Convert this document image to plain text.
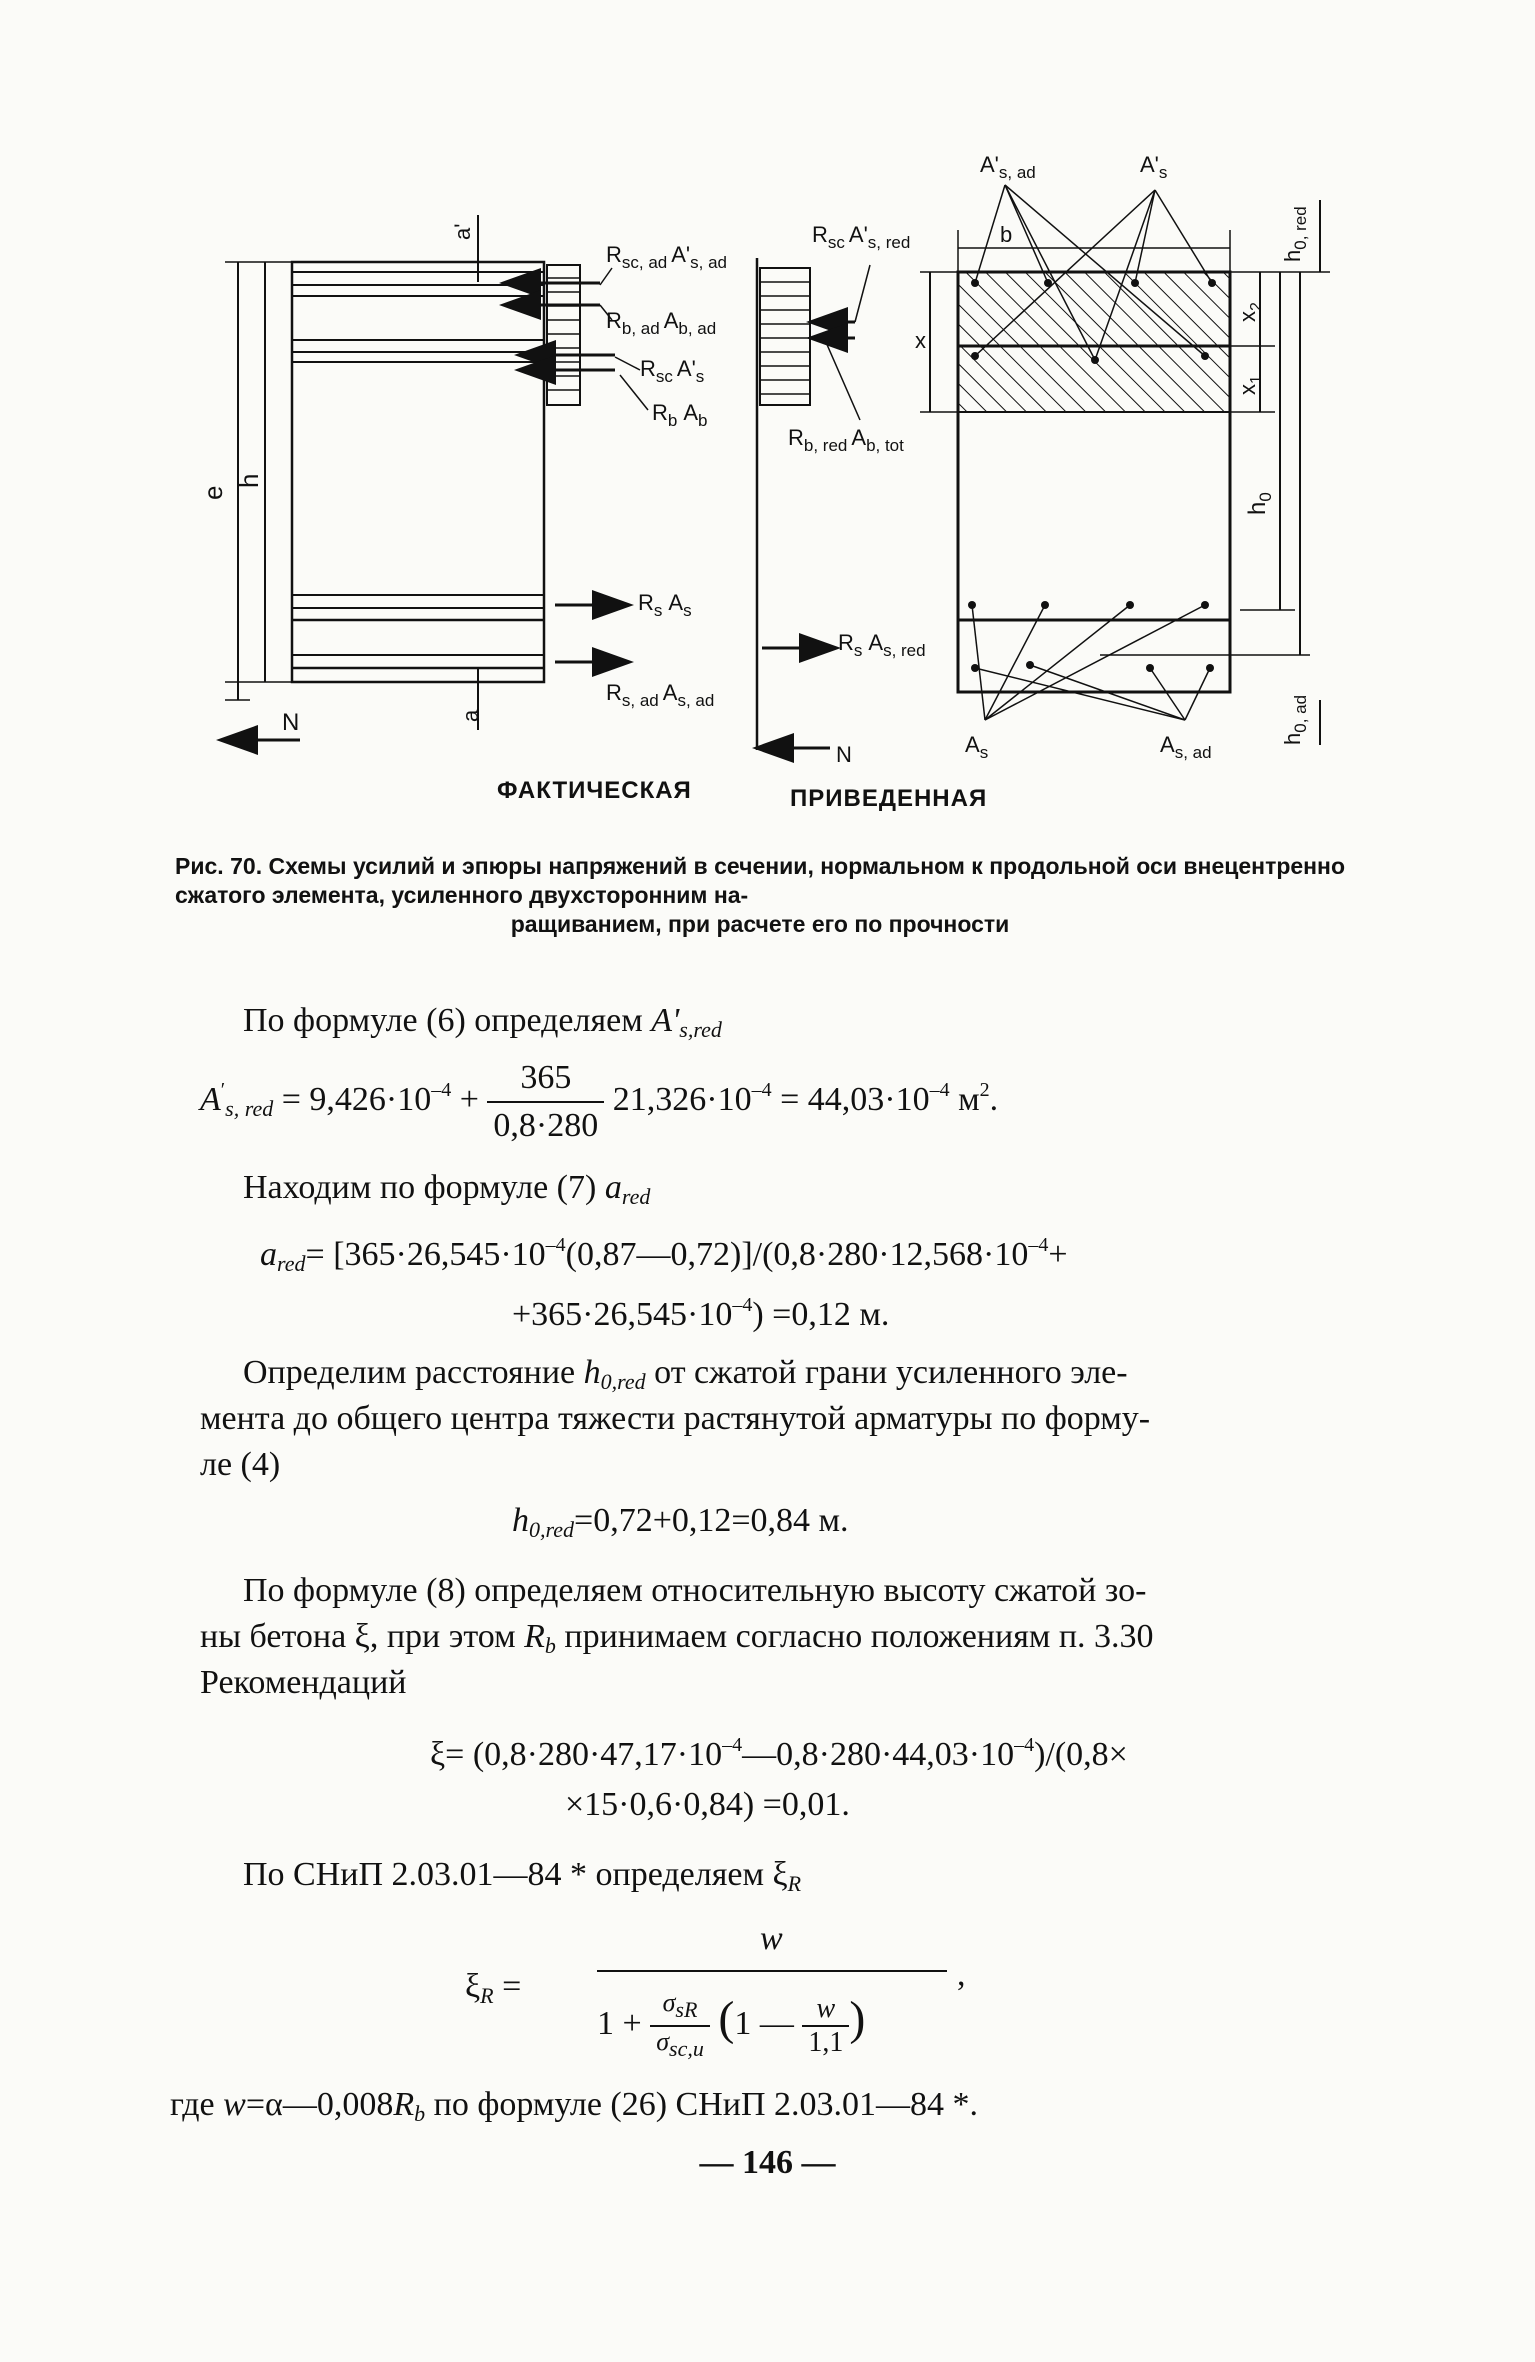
a'
a
e
h
N
$R_{sc, ad}$ $A'_{s, ad}$
$R_{b, ad}$ $A_{b, ad}$
$R_{sc}$ $A'_s$
$R_b$ $A_b$
$R_s$ $A_s$
$R_{s, ad}$ $A_{s, ad}$
$R_{sc}$ $A'_{s, red}$
$R_{b, red}$ $A_{b, tot}$
x
$R_s$ $A_{s, red}$
N
$A'_{s, ad}$	$A'_s$
b
$x_2$
$x_1$
$h_0$
$h_{0, red}$
$h_{0, ad}$
$A_s$	$A_{s, ad}$
ФАКТИЧЕСКАЯ	ПРИВЕДЕННАЯ
Рис. 70. Схемы усилий и эпюры напряжений в сечении, нормальном к продольной оси внецентренно сжатого элемента, усиленного двухсторонним на-
ращиванием, при расчете его по прочности
По формуле (6) определяем $A'_{s,red}$
$A'_{s, red} = 9,426\cdot 10^{-4} + \frac{365}{0,8\cdot 280} 21,326\cdot 10^{-4} = 44,03\cdot 10^{-4}$ $м^2$.
Находим по формуле (7) $a_{red}$
$a_{red}=$ $[365\cdot 26,545\cdot 10^{-4}(0,87—0,72)]/(0,8\cdot 280\cdot 12,568\cdot 10^{-4}+$
$+365\cdot 26,545\cdot 10^{-4}) =0,12$ м.
Определим расстояние $h_{0,red}$ от сжатой грани усиленного эле-
мента до общего центра тяжести растянутой арматуры по форму-
ле (4)
$h_{0,red}=0,72+0,12=0,84$ м.
По формуле (8) определяем относительную высоту сжатой зо-
ны бетона ξ, при этом $R_b$ принимаем согласно положениям п. 3.30
Рекомендаций
$\xi= (0,8\cdot 280\cdot 47,17\cdot 10^{-4}—0,8\cdot 280\cdot 44,03\cdot 10^{-4})/(0,8\times$
×15·0,6·0,84) =0,01.
По СНиП 2.03.01—84 * определяем $\xi_R$
$\xi_R$ =
w
,
$1 + \frac{\sigma_{sR}}{\sigma_{sc,u}} (1$ — $\frac{w}{1,1}$ )
где $w=\alpha—0,008R_b$ по формуле (26) СНиП 2.03.01—84 *.
— 146 —
